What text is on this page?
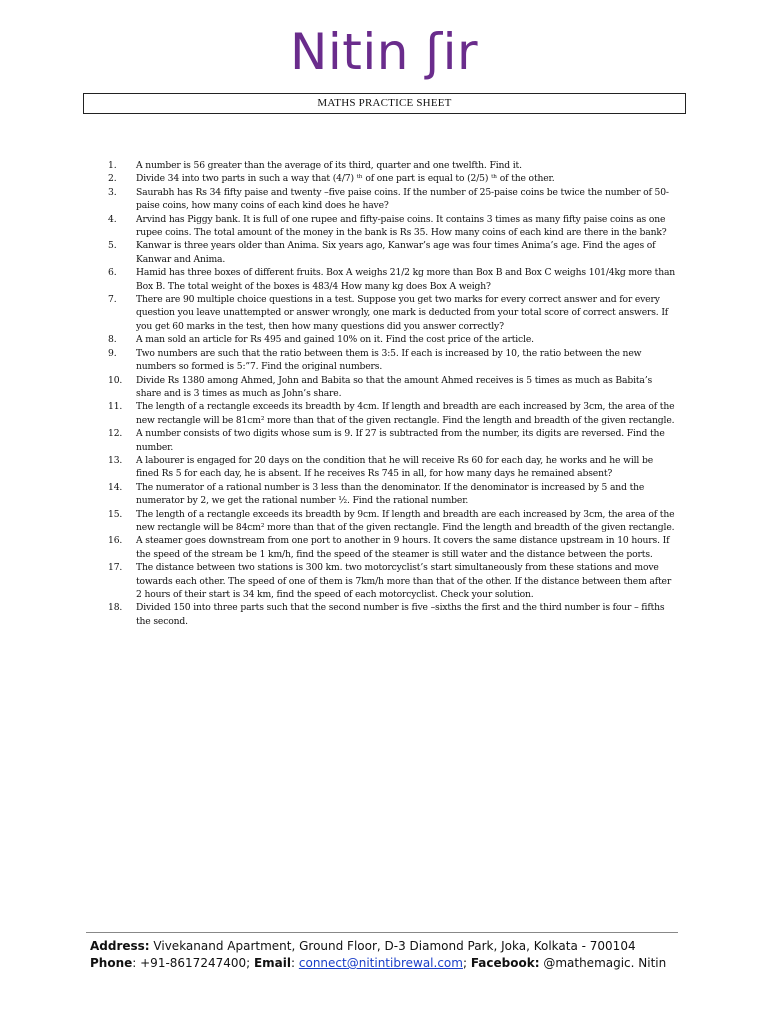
Nitin ʃir
MATHS PRACTICE SHEET
1.	A number is 56 greater than the average of its third, quarter and one twelfth. Find it.
2.	Divide 34 into two parts in such a way that (4/7) ᵗʰ of one part is equal to (2/5) ᵗʰ of the other.
3.	Saurabh has Rs 34 fifty paise and twenty –five paise coins. If the number of 25-paise coins be twice the number of 50-paise coins, how many coins of each kind does he have?
4.	Arvind has Piggy bank. It is full of one rupee and fifty-paise coins. It contains 3 times as many fifty paise coins as one rupee coins. The total amount of the money in the bank is Rs 35. How many coins of each kind are there in the bank?
5.	Kanwar is three years older than Anima. Six years ago, Kanwar’s age was four times Anima’s age. Find the ages of Kanwar and Anima.
6.	Hamid has three boxes of different fruits. Box A weighs 21/2 kg more than Box B and Box C weighs 101/4kg more than Box B. The total weight of the boxes is 483/4 How many kg does Box A weigh?
7.	There are 90 multiple choice questions in a test. Suppose you get two marks for every correct answer and for every question you leave unattempted or answer wrongly, one mark is deducted from your total score of correct answers. If you get 60 marks in the test, then how many questions did you answer correctly?
8.	A man sold an article for Rs 495 and gained 10% on it. Find the cost price of the article.
9.	Two numbers are such that the ratio between them is 3:5. If each is increased by 10, the ratio between the new numbers so formed is 5:”7. Find the original numbers.
10.	Divide Rs 1380 among Ahmed, John and Babita so that the amount Ahmed receives is 5 times as much as Babita’s share and is 3 times as much as John’s share.
11.	The length of a rectangle exceeds its breadth by 4cm. If length and breadth are each increased by 3cm, the area of the new rectangle will be 81cm² more than that of the given rectangle. Find the length and breadth of the given rectangle.
12.	A number consists of two digits whose sum is 9. If 27 is subtracted from the number, its digits are reversed. Find the number.
13.	A labourer is engaged for 20 days on the condition that he will receive Rs 60 for each day, he works and he will be fined Rs 5 for each day, he is absent. If he receives Rs 745 in all, for how many days he remained absent?
14.	The numerator of a rational number is 3 less than the denominator. If the denominator is increased by 5 and the numerator by 2, we get the rational number ½. Find the rational number.
15.	The length of a rectangle exceeds its breadth by 9cm. If length and breadth are each increased by 3cm, the area of the new rectangle will be 84cm² more than that of the given rectangle. Find the length and breadth of the given rectangle.
16.	A steamer goes downstream from one port to another in 9 hours. It covers the same distance upstream in 10 hours. If the speed of the stream be 1 km/h, find the speed of the steamer is still water and the distance between the ports.
17.	The distance between two stations is 300 km. two motorcyclist’s start simultaneously from these stations and move towards each other. The speed of one of them is 7km/h more than that of the other. If the distance between them after 2 hours of their start is 34 km, find the speed of each motorcyclist. Check your solution.
18.	Divided 150 into three parts such that the second number is five –sixths the first and the third number is four – fifths the second.
Address: Vivekanand Apartment, Ground Floor, D-3 Diamond Park, Joka, Kolkata - 700104
Phone: +91-8617247400; Email: connect@nitintibrewal.com; Facebook: @mathemagic. Nitin
